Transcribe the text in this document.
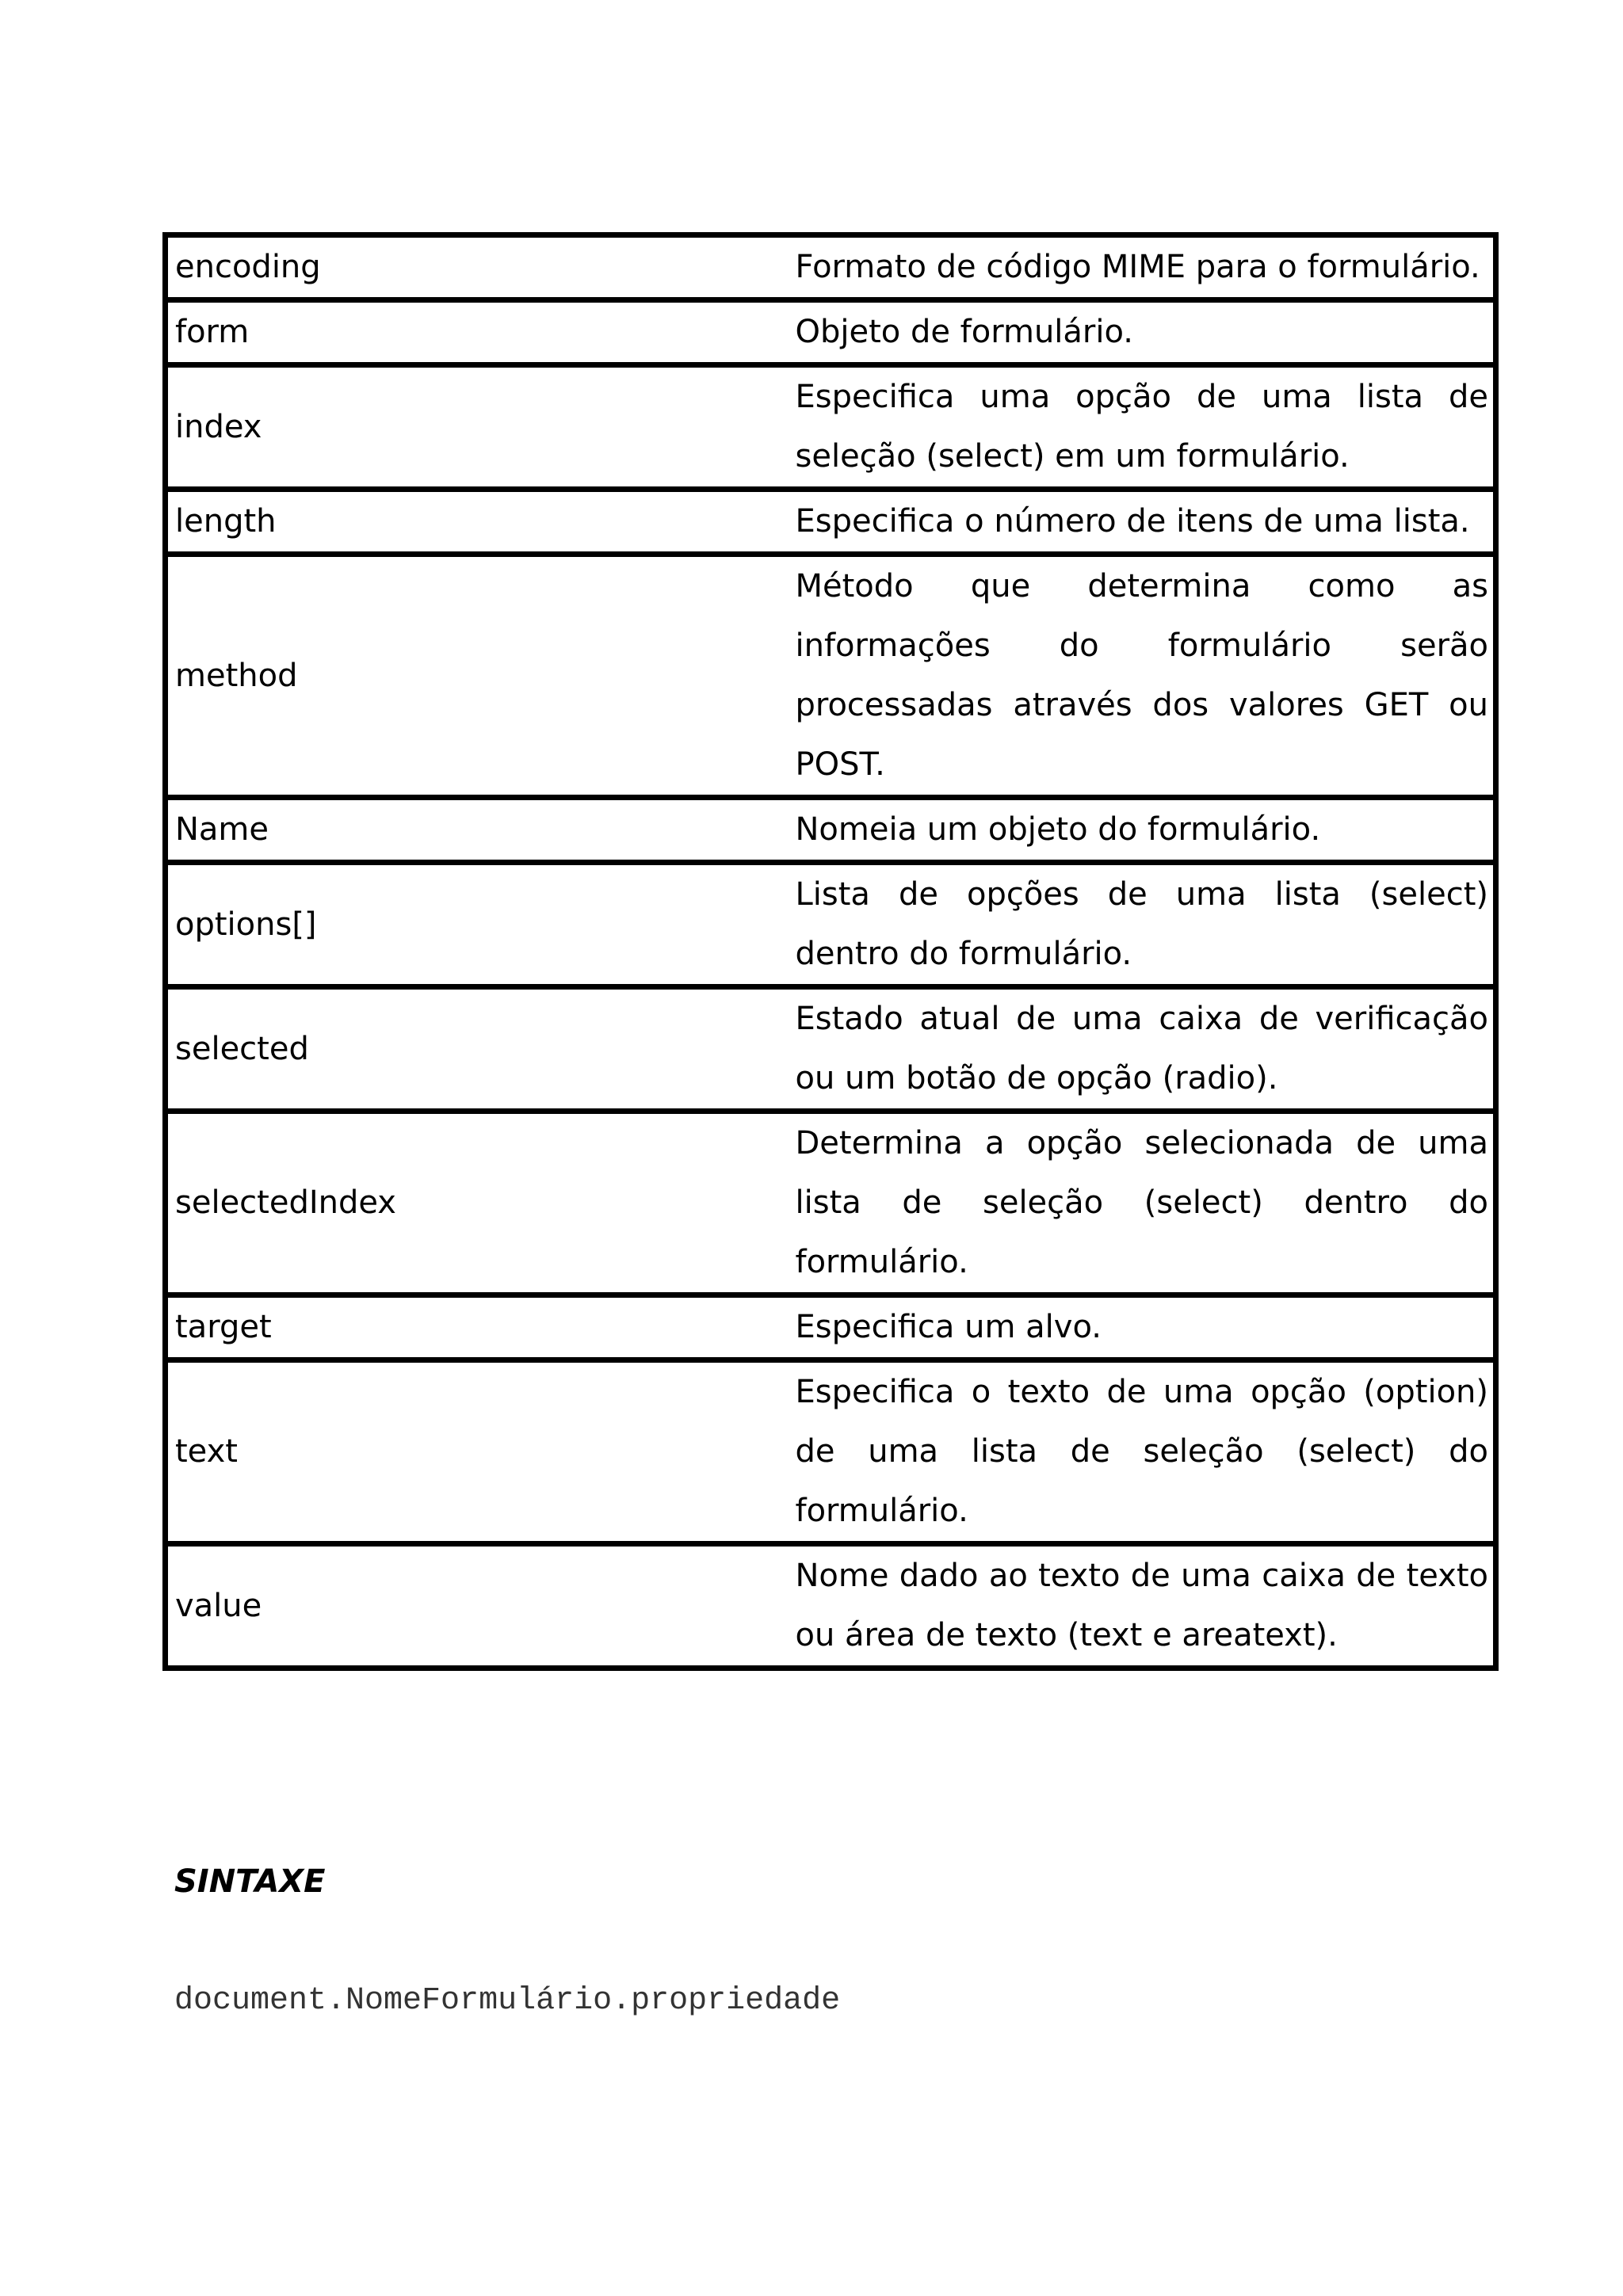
encoding	Formato de código MIME para o formulário.
form	Objeto de formulário.
index	Especifica uma opção de uma lista de seleção (select) em um formulário.
length	Especifica o número de itens de uma lista.
method	Método que determina como as informações do formulário serão processadas através dos valores GET ou POST.
Name	Nomeia um objeto do formulário.
options[]	Lista de opções de uma lista (select) dentro do formulário.
selected	Estado atual de uma caixa de verificação ou um botão de opção (radio).
selectedIndex	Determina a opção selecionada de uma lista de seleção (select) dentro do formulário.
target	Especifica um alvo.
text	Especifica o texto de uma opção (option) de uma lista de seleção (select) do formulário.
value	Nome dado ao texto de uma caixa de texto ou área de texto (text e areatext).
SINTAXE

document.NomeFormulário.propriedade
